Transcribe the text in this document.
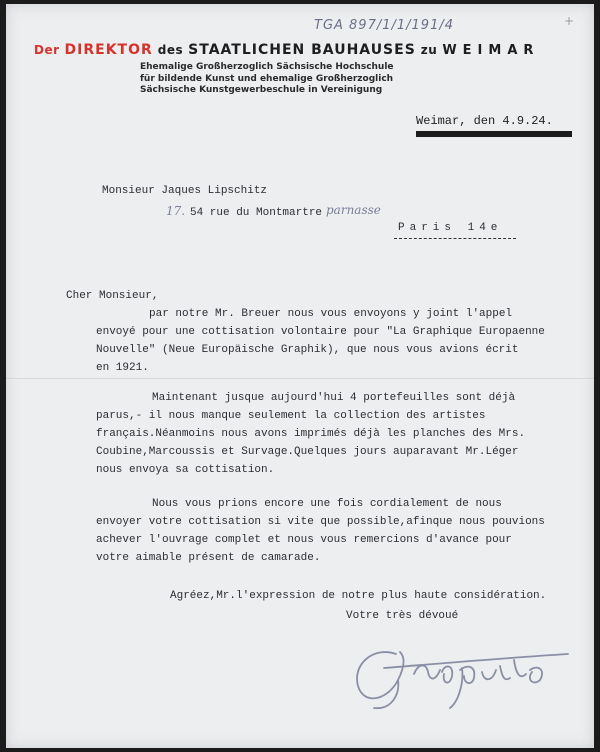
TGA 897/1/1/191/4	+
Der DIREKTOR des STAATLICHEN BAUHAUSES zu WEIMAR
Ehemalige Großherzoglich Sächsische Hochschule
für bildende Kunst und ehemalige Großherzoglich
Sächsische Kunstgewerbeschule in Vereinigung
Weimar, den 4.9.24.
Monsieur Jaques Lipschitz
17. 54 rue du Montmartre parnasse
Paris 14e
Cher Monsieur,
par notre Mr. Breuer nous vous envoyons y joint l'appel
envoyé pour une cottisation volontaire pour "La Graphique Europaenne
Nouvelle" (Neue Europäische Graphik), que nous vous avions écrit
en 1921.
Maintenant jusque aujourd'hui 4 portefeuilles sont déjà
parus,- il nous manque seulement la collection des artistes
français.Néanmoins nous avons imprimés déjà les planches des Mrs.
Coubine,Marcoussis et Survage.Quelques jours auparavant Mr.Léger
nous envoya sa cottisation.
Nous vous prions encore une fois cordialement de nous
envoyer votre cottisation si vite que possible,afinque nous pouvions
achever l'ouvrage complet et nous vous remercions d'avance pour
votre aimable présent de camarade.
Agréez,Mr.l'expression de notre plus haute considération.
Votre très dévoué
